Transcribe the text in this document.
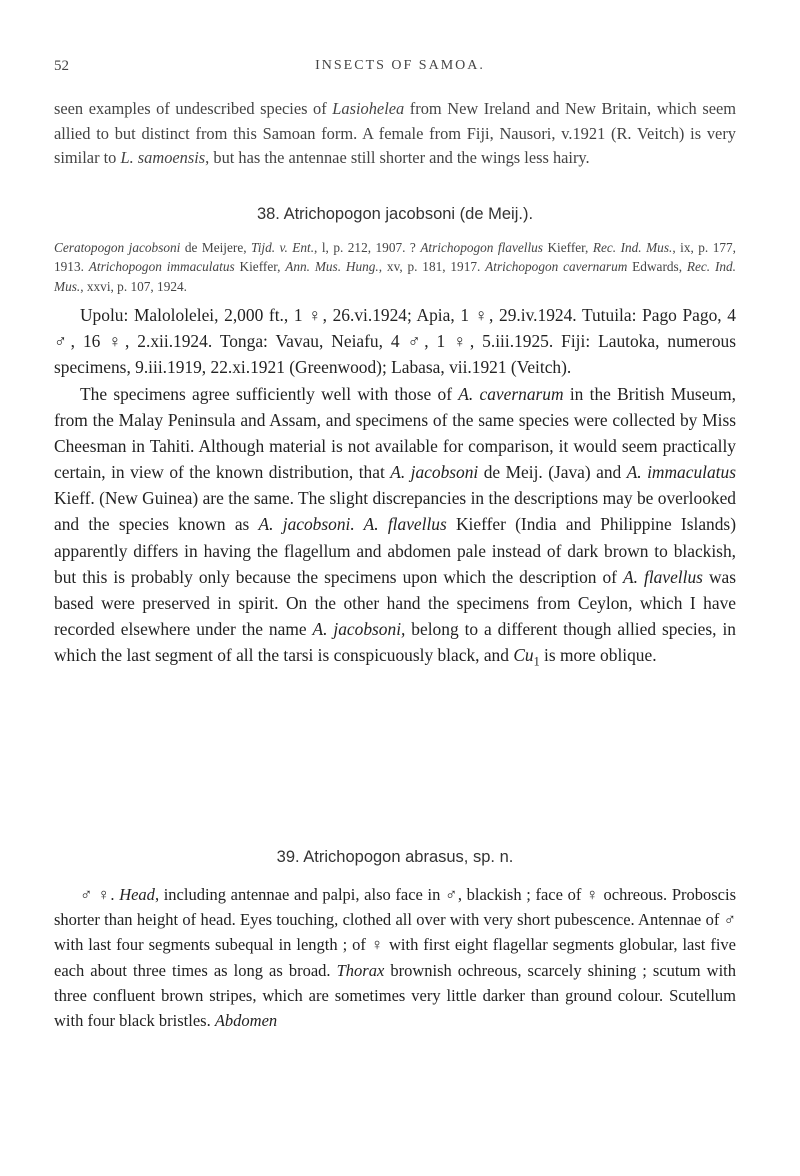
52	INSECTS OF SAMOA.

seen examples of undescribed species of Lasiohelea from New Ireland and New Britain, which seem allied to but distinct from this Samoan form. A female from Fiji, Nausori, v.1921 (R. Veitch) is very similar to L. samoensis, but has the antennae still shorter and the wings less hairy.

38. Atrichopogon jacobsoni (de Meij.).

Ceratopogon jacobsoni de Meijere, Tijd. v. Ent., l, p. 212, 1907. ? Atrichopogon flavellus Kieffer, Rec. Ind. Mus., ix, p. 177, 1913. Atrichopogon immaculatus Kieffer, Ann. Mus. Hung., xv, p. 181, 1917. Atrichopogon cavernarum Edwards, Rec. Ind. Mus., xxvi, p. 107, 1924.

Upolu: Malololelei, 2,000 ft., 1 ♀, 26.vi.1924; Apia, 1 ♀, 29.iv.1924. Tutuila: Pago Pago, 4 ♂, 16 ♀, 2.xii.1924. Tonga: Vavau, Neiafu, 4 ♂, 1 ♀, 5.iii.1925. Fiji: Lautoka, numerous specimens, 9.iii.1919, 22.xi.1921 (Greenwood); Labasa, vii.1921 (Veitch).

The specimens agree sufficiently well with those of A. cavernarum in the British Museum, from the Malay Peninsula and Assam, and specimens of the same species were collected by Miss Cheesman in Tahiti. Although material is not available for comparison, it would seem practically certain, in view of the known distribution, that A. jacobsoni de Meij. (Java) and A. immaculatus Kieff. (New Guinea) are the same. The slight discrepancies in the descriptions may be overlooked and the species known as A. jacobsoni. A. flavellus Kieffer (India and Philippine Islands) apparently differs in having the flagellum and abdomen pale instead of dark brown to blackish, but this is probably only because the specimens upon which the description of A. flavellus was based were preserved in spirit. On the other hand the specimens from Ceylon, which I have recorded elsewhere under the name A. jacobsoni, belong to a different though allied species, in which the last segment of all the tarsi is conspicuously black, and $Cu_1$ is more oblique.

39. Atrichopogon abrasus, sp. n.

♂ ♀. Head, including antennae and palpi, also face in ♂, blackish ; face of ♀ ochreous. Proboscis shorter than height of head. Eyes touching, clothed all over with very short pubescence. Antennae of ♂ with last four segments subequal in length ; of ♀ with first eight flagellar segments globular, last five each about three times as long as broad. Thorax brownish ochreous, scarcely shining ; scutum with three confluent brown stripes, which are sometimes very little darker than ground colour. Scutellum with four black bristles. Abdomen
